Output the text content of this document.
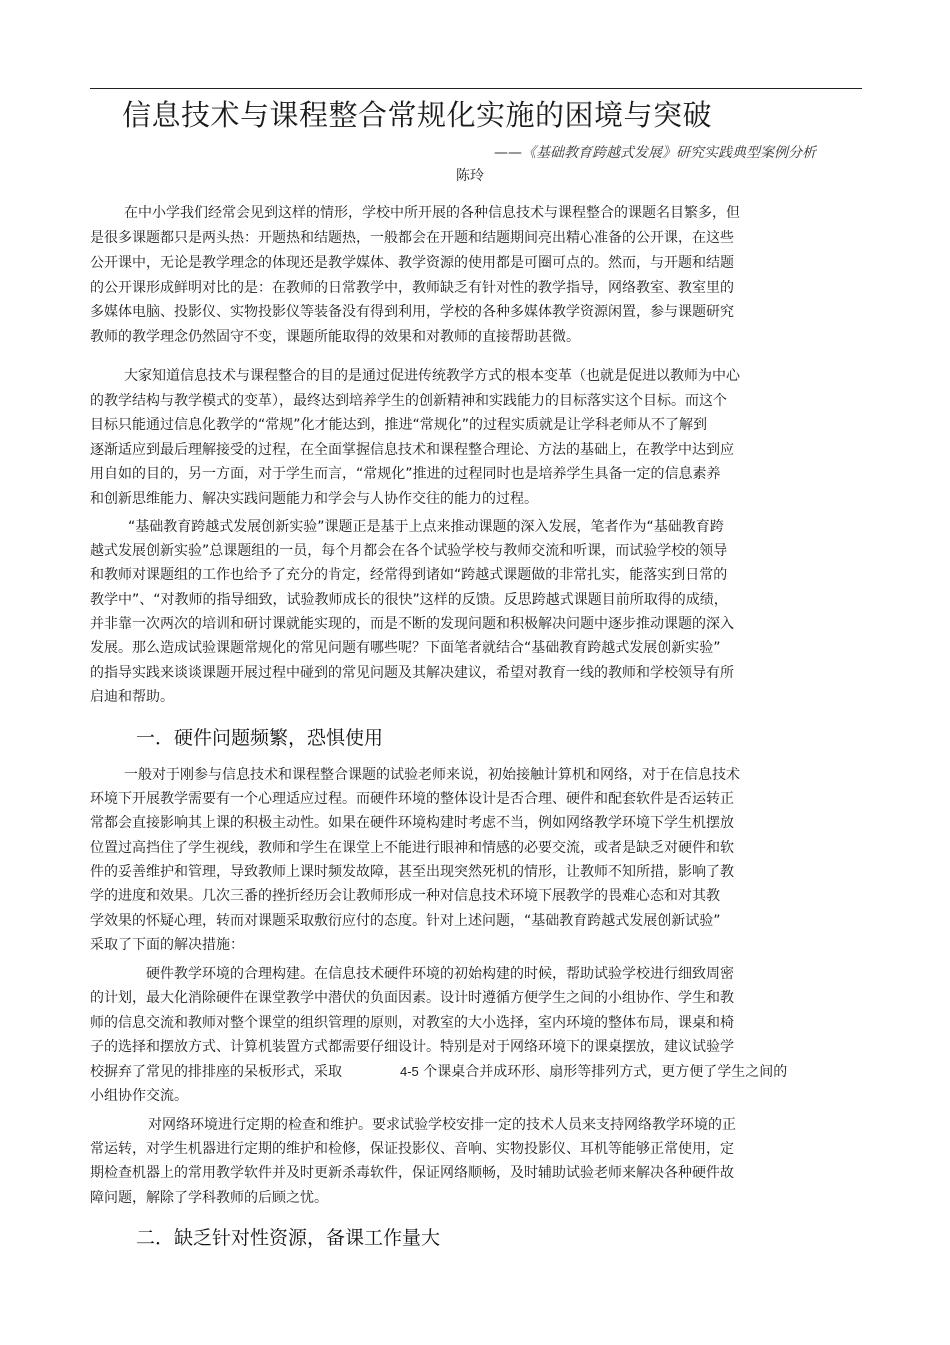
信息技术与课程整合常规化实施的困境与突破
——《基础教育跨越式发展》研究实践典型案例分析
陈玲
在中小学我们经常会见到这样的情形，学校中所开展的各种信息技术与课程整合的课题名目繁多，但
是很多课题都只是两头热：开题热和结题热，一般都会在开题和结题期间亮出精心准备的公开课，在这些
公开课中，无论是教学理念的体现还是教学媒体、教学资源的使用都是可圈可点的。然而，与开题和结题
的公开课形成鲜明对比的是：在教师的日常教学中，教师缺乏有针对性的教学指导，网络教室、教室里的
多媒体电脑、投影仪、实物投影仪等装备没有得到利用，学校的各种多媒体教学资源闲置，参与课题研究
教师的教学理念仍然固守不变，课题所能取得的效果和对教师的直接帮助甚微。
大家知道信息技术与课程整合的目的是通过促进传统教学方式的根本变革（也就是促进以教师为中心
的教学结构与教学模式的变革），最终达到培养学生的创新精神和实践能力的目标落实这个目标。而这个
目标只能通过信息化教学的“常规”化才能达到，推进“常规化”的过程实质就是让学科老师从不了解到
逐渐适应到最后理解接受的过程，在全面掌握信息技术和课程整合理论、方法的基础上，在教学中达到应
用自如的目的，另一方面，对于学生而言，“常规化”推进的过程同时也是培养学生具备一定的信息素养
和创新思维能力、解决实践问题能力和学会与人协作交往的能力的过程。
“基础教育跨越式发展创新实验”课题正是基于上点来推动课题的深入发展，笔者作为“基础教育跨
越式发展创新实验”总课题组的一员，每个月都会在各个试验学校与教师交流和听课，而试验学校的领导
和教师对课题组的工作也给予了充分的肯定，经常得到诸如“跨越式课题做的非常扎实，能落实到日常的
教学中”、“对教师的指导细致，试验教师成长的很快”这样的反馈。反思跨越式课题目前所取得的成绩，
并非靠一次两次的培训和研讨课就能实现的，而是不断的发现问题和积极解决问题中逐步推动课题的深入
发展。那么造成试验课题常规化的常见问题有哪些呢？下面笔者就结合“基础教育跨越式发展创新实验”
的指导实践来谈谈课题开展过程中碰到的常见问题及其解决建议，希望对教育一线的教师和学校领导有所
启迪和帮助。
一．硬件问题频繁，恐惧使用
一般对于刚参与信息技术和课程整合课题的试验老师来说，初始接触计算机和网络，对于在信息技术
环境下开展教学需要有一个心理适应过程。而硬件环境的整体设计是否合理、硬件和配套软件是否运转正
常都会直接影响其上课的积极主动性。如果在硬件环境构建时考虑不当，例如网络教学环境下学生机摆放
位置过高挡住了学生视线，教师和学生在课堂上不能进行眼神和情感的必要交流，或者是缺乏对硬件和软
件的妥善维护和管理，导致教师上课时频发故障，甚至出现突然死机的情形，让教师不知所措，影响了教
学的进度和效果。几次三番的挫折经历会让教师形成一种对信息技术环境下展教学的畏难心态和对其教
学效果的怀疑心理，转而对课题采取敷衍应付的态度。针对上述问题，“基础教育跨越式发展创新试验”
采取了下面的解决措施：
硬件教学环境的合理构建。在信息技术硬件环境的初始构建的时候，帮助试验学校进行细致周密
的计划，最大化消除硬件在课堂教学中潜伏的负面因素。设计时遵循方便学生之间的小组协作、学生和教
师的信息交流和教师对整个课堂的组织管理的原则，对教室的大小选择，室内环境的整体布局，课桌和椅
子的选择和摆放方式、计算机装置方式都需要仔细设计。特别是对于网络环境下的课桌摆放，建议试验学
校摒弃了常见的排排座的呆板形式，采取	4-5 个课桌合并成环形、扇形等排列方式，更方便了学生之间的
小组协作交流。
对网络环境进行定期的检查和维护。要求试验学校安排一定的技术人员来支持网络教学环境的正
常运转，对学生机器进行定期的维护和检修，保证投影仪、音响、实物投影仪、耳机等能够正常使用，定
期检查机器上的常用教学软件并及时更新杀毒软件，保证网络顺畅，及时辅助试验老师来解决各种硬件故
障问题，解除了学科教师的后顾之忧。
二．缺乏针对性资源，备课工作量大
